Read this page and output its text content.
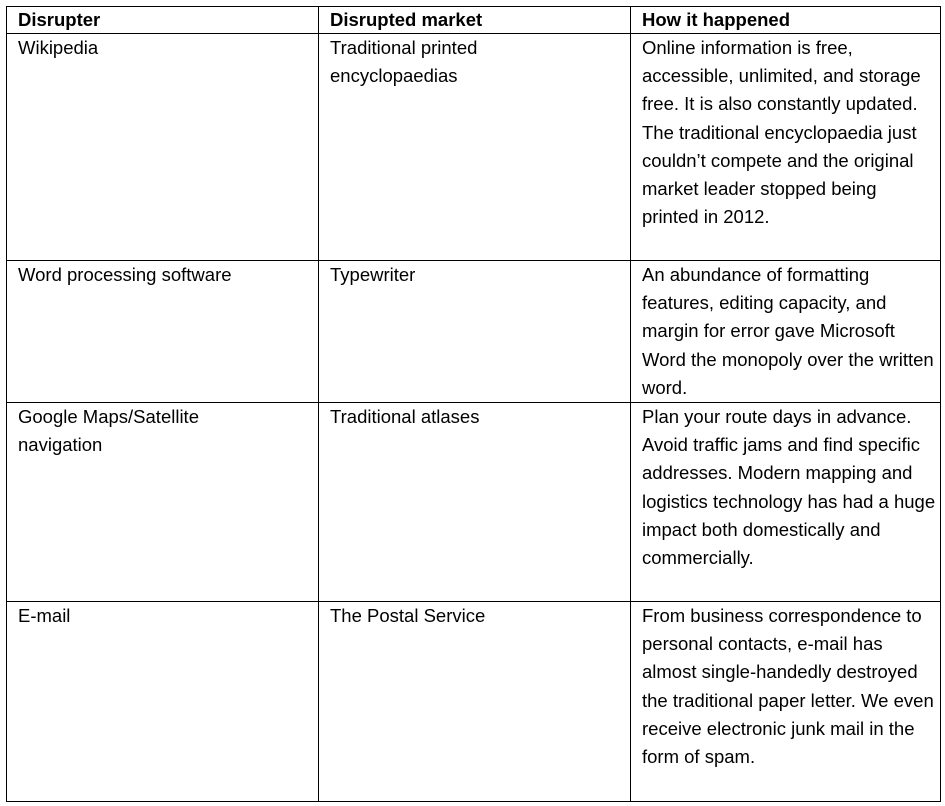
Disrupter	Disrupted market	How it happened
Wikipedia	Traditional printed encyclopaedias	Online information is free, accessible, unlimited, and storage free. It is also constantly updated. The traditional encyclopaedia just couldn’t compete and the original market leader stopped being printed in 2012.
Word processing software	Typewriter	An abundance of formatting features, editing capacity, and margin for error gave Microsoft Word the monopoly over the written word.
Google Maps/Satellite navigation	Traditional atlases	Plan your route days in advance. Avoid traffic jams and find specific addresses. Modern mapping and logistics technology has had a huge impact both domestically and commercially.
E-mail	The Postal Service	From business correspondence to personal contacts, e-mail has almost single-handedly destroyed the traditional paper letter. We even receive electronic junk mail in the form of spam.
